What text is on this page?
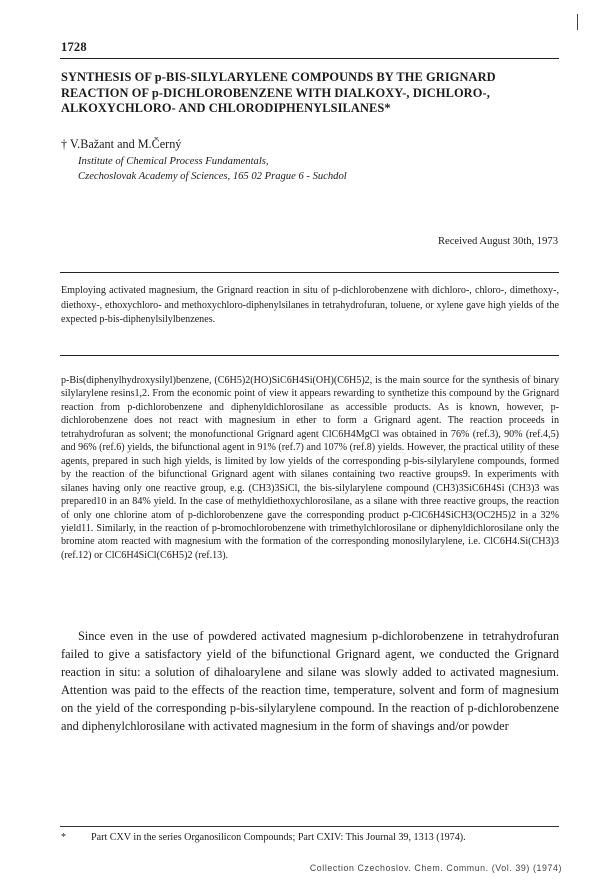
1728
SYNTHESIS OF p-BIS-SILYLARYLENE COMPOUNDS BY THE GRIGNARD REACTION OF p-DICHLOROBENZENE WITH DIALKOXY-, DICHLORO-, ALKOXYCHLORO- AND CHLORODIPHENYLSILANES*
† V.Bažant and M.Černý
Institute of Chemical Process Fundamentals,
Czechoslovak Academy of Sciences, 165 02 Prague 6 - Suchdol
Received August 30th, 1973
Employing activated magnesium, the Grignard reaction in situ of p-dichlorobenzene with dichloro-, chloro-, dimethoxy-, diethoxy-, ethoxychloro- and methoxychloro-diphenylsilanes in tetrahydrofuran, toluene, or xylene gave high yields of the expected p-bis-diphenylsilylbenzenes.

p-Bis(diphenylhydroxysilyl)benzene, (C6H5)2(HO)SiC6H4Si(OH)(C6H5)2, is the main source for the synthesis of binary silylarylene resins1,2. From the economic point of view it appears rewarding to synthetize this compound by the Grignard reaction from p-dichlorobenzene and diphenyldichlorosilane as accessible products. As is known, however, p-dichlorobenzene does not react with magnesium in ether to form a Grignard agent. The reaction proceeds in tetrahydrofuran as solvent; the monofunctional Grignard agent ClC6H4MgCl was obtained in 76% (ref.3), 90% (ref.4,5) and 96% (ref.6) yields, the bifunctional agent in 91% (ref.7) and 107% (ref.8) yields. However, the practical utility of these agents, prepared in such high yields, is limited by low yields of the corresponding p-bis-silylarylene compounds, formed by the reaction of the bifunctional Grignard agent with silanes containing two reactive groups9. In experiments with silanes having only one reactive group, e.g. (CH3)3SiCl, the bis-silylarylene compound (CH3)3SiC6H4Si (CH3)3 was prepared10 in an 84% yield. In the case of methyldiethoxychlorosilane, as a silane with three reactive groups, the reaction of only one chlorine atom of p-dichlorobenzene gave the corresponding product p-ClC6H4SiCH3(OC2H5)2 in a 32% yield11. Similarly, in the reaction of p-bromochlorobenzene with trimethylchlorosilane or diphenyldichlorosilane only the bromine atom reacted with magnesium with the formation of the corresponding monosilylarylene, i.e. ClC6H4.Si(CH3)3 (ref.12) or ClC6H4SiCl(C6H5)2 (ref.13).

Since even in the use of powdered activated magnesium p-dichlorobenzene in tetrahydrofuran failed to give a satisfactory yield of the bifunctional Grignard agent, we conducted the Grignard reaction in situ: a solution of dihaloarylene and silane was slowly added to activated magnesium. Attention was paid to the effects of the reaction time, temperature, solvent and form of magnesium on the yield of the corresponding p-bis-silylarylene compound. In the reaction of p-dichlorobenzene and diphenylchlorosilane with activated magnesium in the form of shavings and/or powder

* Part CXV in the series Organosilicon Compounds; Part CXIV: This Journal 39, 1313 (1974).
Collection Czechoslov. Chem. Commun. (Vol. 39) (1974)
